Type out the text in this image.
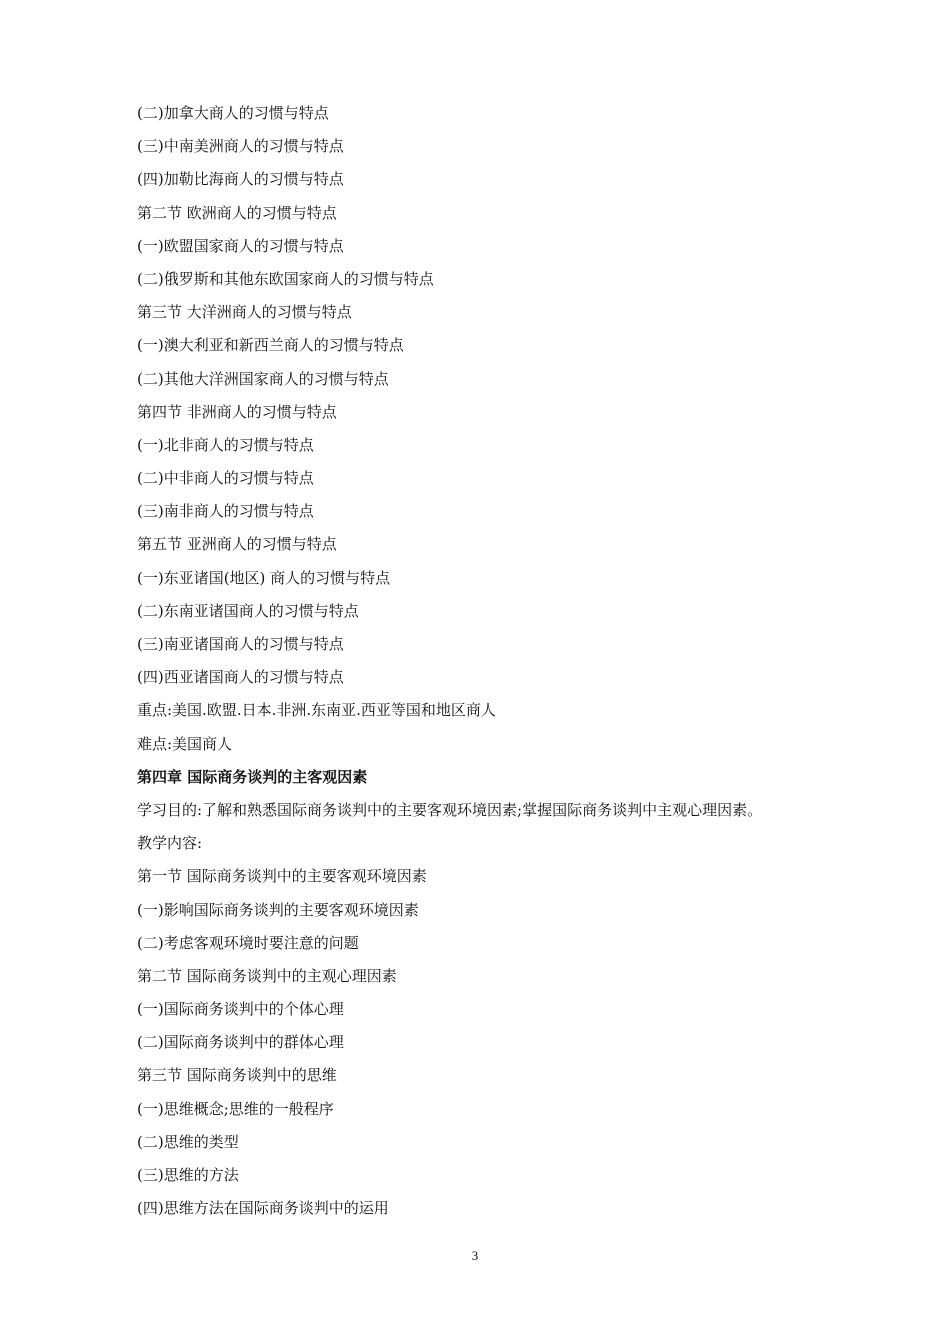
(二)加拿大商人的习惯与特点
(三)中南美洲商人的习惯与特点
(四)加勒比海商人的习惯与特点
第二节 欧洲商人的习惯与特点
(一)欧盟国家商人的习惯与特点
(二)俄罗斯和其他东欧国家商人的习惯与特点
第三节 大洋洲商人的习惯与特点
(一)澳大利亚和新西兰商人的习惯与特点
(二)其他大洋洲国家商人的习惯与特点
第四节 非洲商人的习惯与特点
(一)北非商人的习惯与特点
(二)中非商人的习惯与特点
(三)南非商人的习惯与特点
第五节 亚洲商人的习惯与特点
(一)东亚诸国(地区) 商人的习惯与特点
(二)东南亚诸国商人的习惯与特点
(三)南亚诸国商人的习惯与特点
(四)西亚诸国商人的习惯与特点
重点:美国.欧盟.日本.非洲.东南亚.西亚等国和地区商人
难点:美国商人
第四章 国际商务谈判的主客观因素
学习目的:了解和熟悉国际商务谈判中的主要客观环境因素;掌握国际商务谈判中主观心理因素。
教学内容:
第一节 国际商务谈判中的主要客观环境因素
(一)影响国际商务谈判的主要客观环境因素
(二)考虑客观环境时要注意的问题
第二节 国际商务谈判中的主观心理因素
(一)国际商务谈判中的个体心理
(二)国际商务谈判中的群体心理
第三节 国际商务谈判中的思维
(一)思维概念;思维的一般程序
(二)思维的类型
(三)思维的方法
(四)思维方法在国际商务谈判中的运用
3
